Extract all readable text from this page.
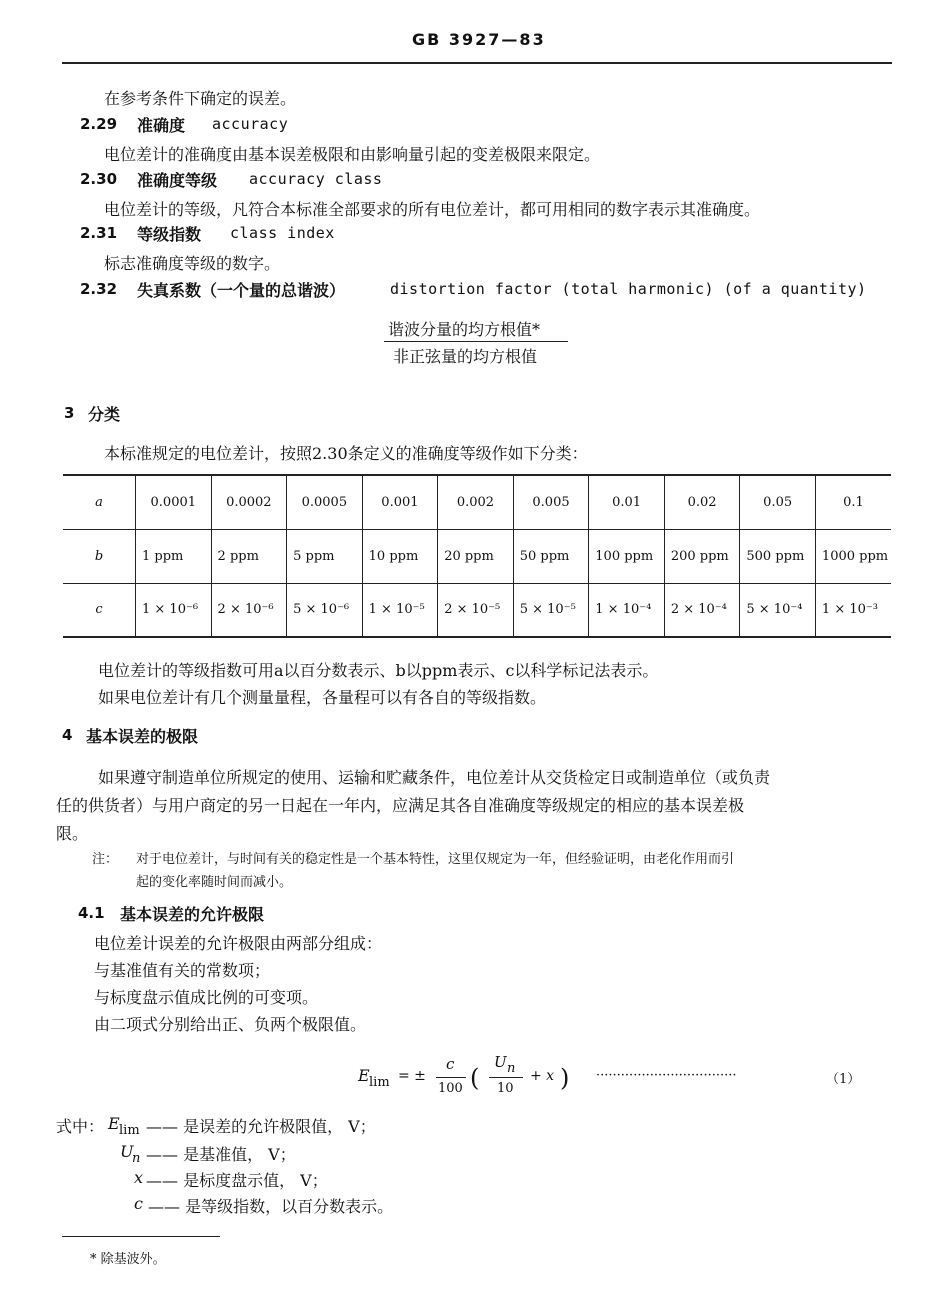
GB 3927—83
在参考条件下确定的误差。
2.29 准确度 accuracy
电位差计的准确度由基本误差极限和由影响量引起的变差极限来限定。
2.30 准确度等级 accuracy class
电位差计的等级，凡符合本标准全部要求的所有电位差计，都可用相同的数字表示其准确度。
2.31 等级指数 class index
标志准确度等级的数字。
2.32 失真系数（一个量的总谐波）	distortion factor (total harmonic) (of a quantity)
谐波分量的均方根值*
非正弦量的均方根值
3 分类
本标准规定的电位差计，按照2.30条定义的准确度等级作如下分类：
a	0.0001	0.0002	0.0005	0.001	0.002	0.005	0.01	0.02	0.05	0.1
b	1 ppm	2 ppm	5 ppm	10 ppm	20 ppm	50 ppm	100 ppm	200 ppm	500 ppm	1000 ppm
c	1 × 10⁻⁶	2 × 10⁻⁶	5 × 10⁻⁶	1 × 10⁻⁵	2 × 10⁻⁵	5 × 10⁻⁵	1 × 10⁻⁴	2 × 10⁻⁴	5 × 10⁻⁴	1 × 10⁻³
电位差计的等级指数可用a以百分数表示、b以ppm表示、c以科学标记法表示。
如果电位差计有几个测量量程，各量程可以有各自的等级指数。
4 基本误差的极限
如果遵守制造单位所规定的使用、运输和贮藏条件，电位差计从交货检定日或制造单位（或负责
任的供货者）与用户商定的另一日起在一年内，应满足其各自准确度等级规定的相应的基本误差极
限。
注： 对于电位差计，与时间有关的稳定性是一个基本特性，这里仅规定为一年，但经验证明，由老化作用而引
起的变化率随时间而减小。
4.1 基本误差的允许极限
电位差计误差的允许极限由两部分组成：
与基准值有关的常数项；
与标度盘示值成比例的可变项。
由二项式分别给出正、负两个极限值。
E lim = ±
c
100 (
U n
10
+ x ) ··································	（1）
式中： E lim —— 是误差的允许极限值， V；
U
n —— 是基准值， V；
x —— 是标度盘示值， V；
c —— 是等级指数，以百分数表示。
* 除基波外。
